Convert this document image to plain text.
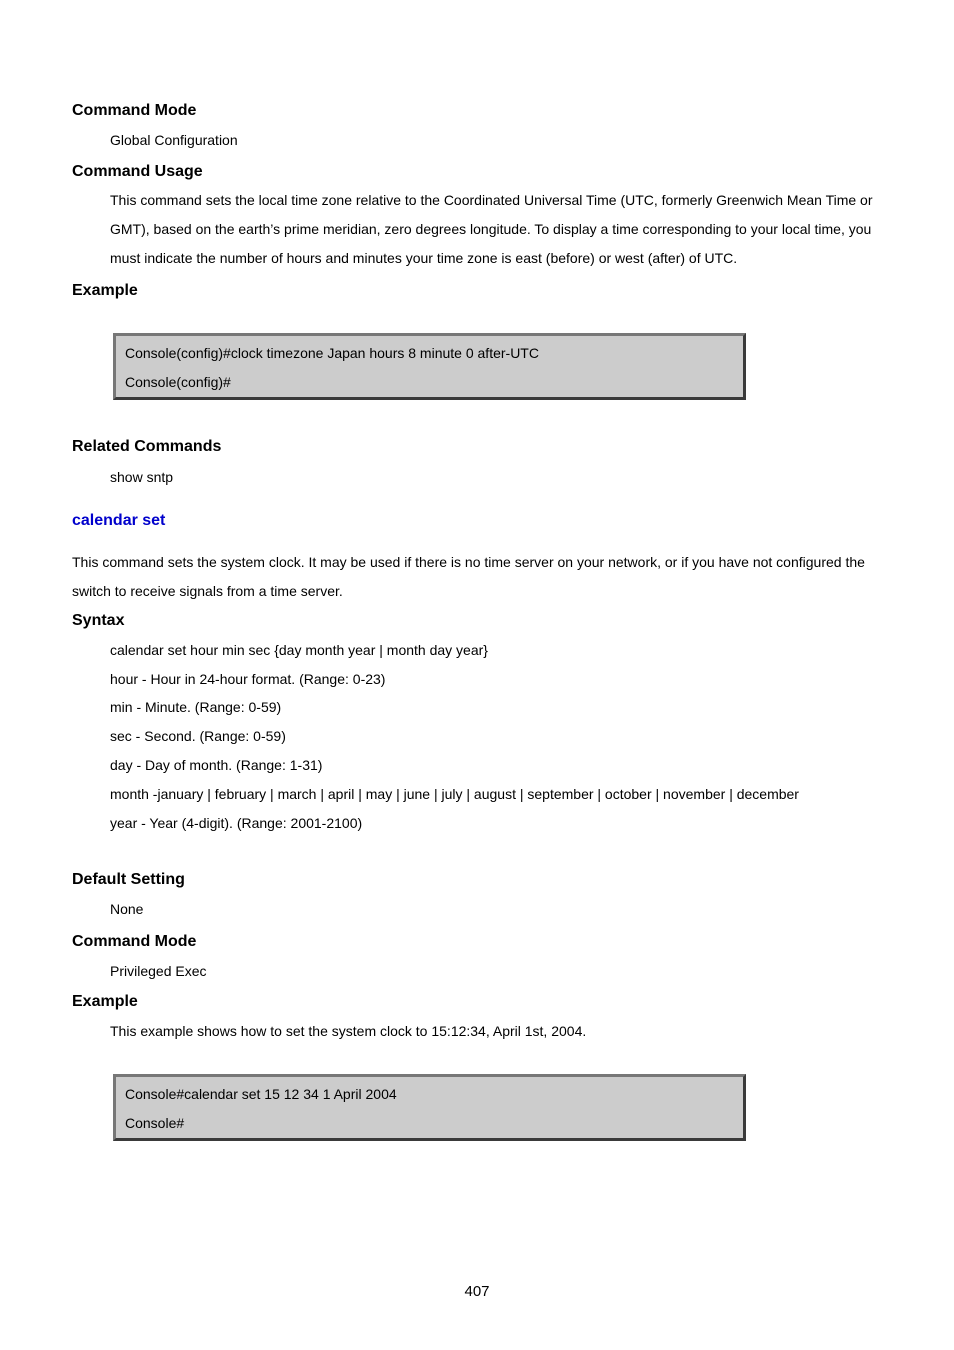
Command Mode
Global Configuration
Command Usage
This command sets the local time zone relative to the Coordinated Universal Time (UTC, formerly Greenwich Mean Time or GMT), based on the earth’s prime meridian, zero degrees longitude. To display a time corresponding to your local time, you must indicate the number of hours and minutes your time zone is east (before) or west (after) of UTC.
Example
Console(config)#clock timezone Japan hours 8 minute 0 after-UTC
Console(config)#
Related Commands
show sntp
calendar set
This command sets the system clock. It may be used if there is no time server on your network, or if you have not configured the switch to receive signals from a time server.
Syntax
calendar set hour min sec {day month year | month day year}
hour - Hour in 24-hour format. (Range: 0-23)
min - Minute. (Range: 0-59)
sec - Second. (Range: 0-59)
day - Day of month. (Range: 1-31)
month -january | february | march | april | may | june | july | august | september | october | november | december
year - Year (4-digit). (Range: 2001-2100)
Default Setting
None
Command Mode
Privileged Exec
Example
This example shows how to set the system clock to 15:12:34, April 1st, 2004.
Console#calendar set 15 12 34 1 April 2004
Console#
407
